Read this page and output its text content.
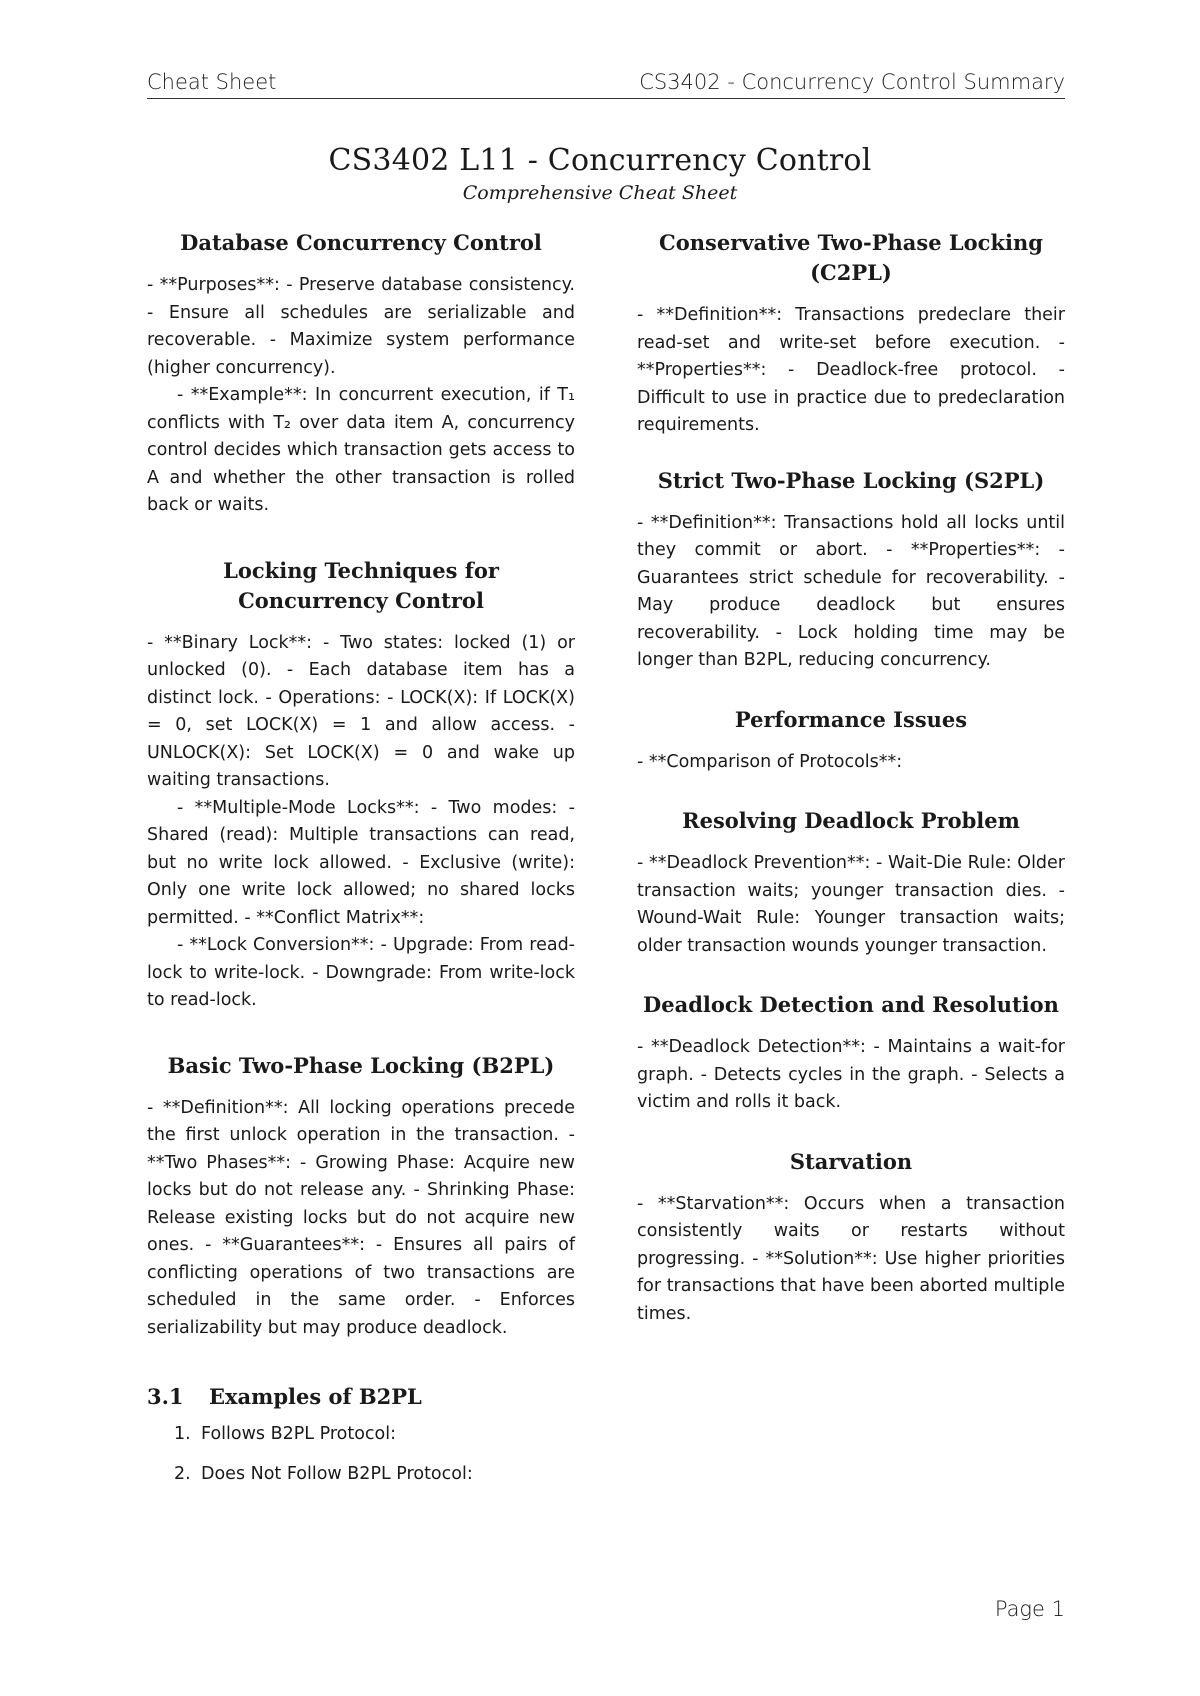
Cheat Sheet	CS3402 - Concurrency Control Summary
CS3402 L11 - Concurrency Control
Comprehensive Cheat Sheet
Database Concurrency Control

- **Purposes**: - Preserve database consistency. - Ensure all schedules are serializable and recoverable. - Maximize system performance (higher concurrency).

- **Example**: In concurrent execution, if T₁ conflicts with T₂ over data item A, concurrency control decides which transaction gets access to A and whether the other transaction is rolled back or waits.

Locking Techniques for Concurrency Control

- **Binary Lock**: - Two states: locked (1) or unlocked (0). - Each database item has a distinct lock. - Operations: - LOCK(X): If LOCK(X) = 0, set LOCK(X) = 1 and allow access. - UNLOCK(X): Set LOCK(X) = 0 and wake up waiting transactions.

- **Multiple-Mode Locks**: - Two modes: - Shared (read): Multiple transactions can read, but no write lock allowed. - Exclusive (write): Only one write lock allowed; no shared locks permitted. - **Conflict Matrix**:

- **Lock Conversion**: - Upgrade: From read-lock to write-lock. - Downgrade: From write-lock to read-lock.

Basic Two-Phase Locking (B2PL)

- **Definition**: All locking operations precede the first unlock operation in the transaction. - **Two Phases**: - Growing Phase: Acquire new locks but do not release any. - Shrinking Phase: Release existing locks but do not acquire new ones. - **Guarantees**: - Ensures all pairs of conflicting operations of two transactions are scheduled in the same order. - Enforces serializability but may produce deadlock.

3.1 Examples of B2PL
1. Follows B2PL Protocol:
2. Does Not Follow B2PL Protocol:
Conservative Two-Phase Locking (C2PL)

- **Definition**: Transactions predeclare their read-set and write-set before execution. - **Properties**: - Deadlock-free protocol. - Difficult to use in practice due to predeclaration requirements.

Strict Two-Phase Locking (S2PL)

- **Definition**: Transactions hold all locks until they commit or abort. - **Properties**: - Guarantees strict schedule for recoverability. - May produce deadlock but ensures recoverability. - Lock holding time may be longer than B2PL, reducing concurrency.

Performance Issues

- **Comparison of Protocols**:

Resolving Deadlock Problem

- **Deadlock Prevention**: - Wait-Die Rule: Older transaction waits; younger transaction dies. - Wound-Wait Rule: Younger transaction waits; older transaction wounds younger transaction.

Deadlock Detection and Resolution

- **Deadlock Detection**: - Maintains a wait-for graph. - Detects cycles in the graph. - Selects a victim and rolls it back.

Starvation

- **Starvation**: Occurs when a transaction consistently waits or restarts without progressing. - **Solution**: Use higher priorities for transactions that have been aborted multiple times.

Page 1
